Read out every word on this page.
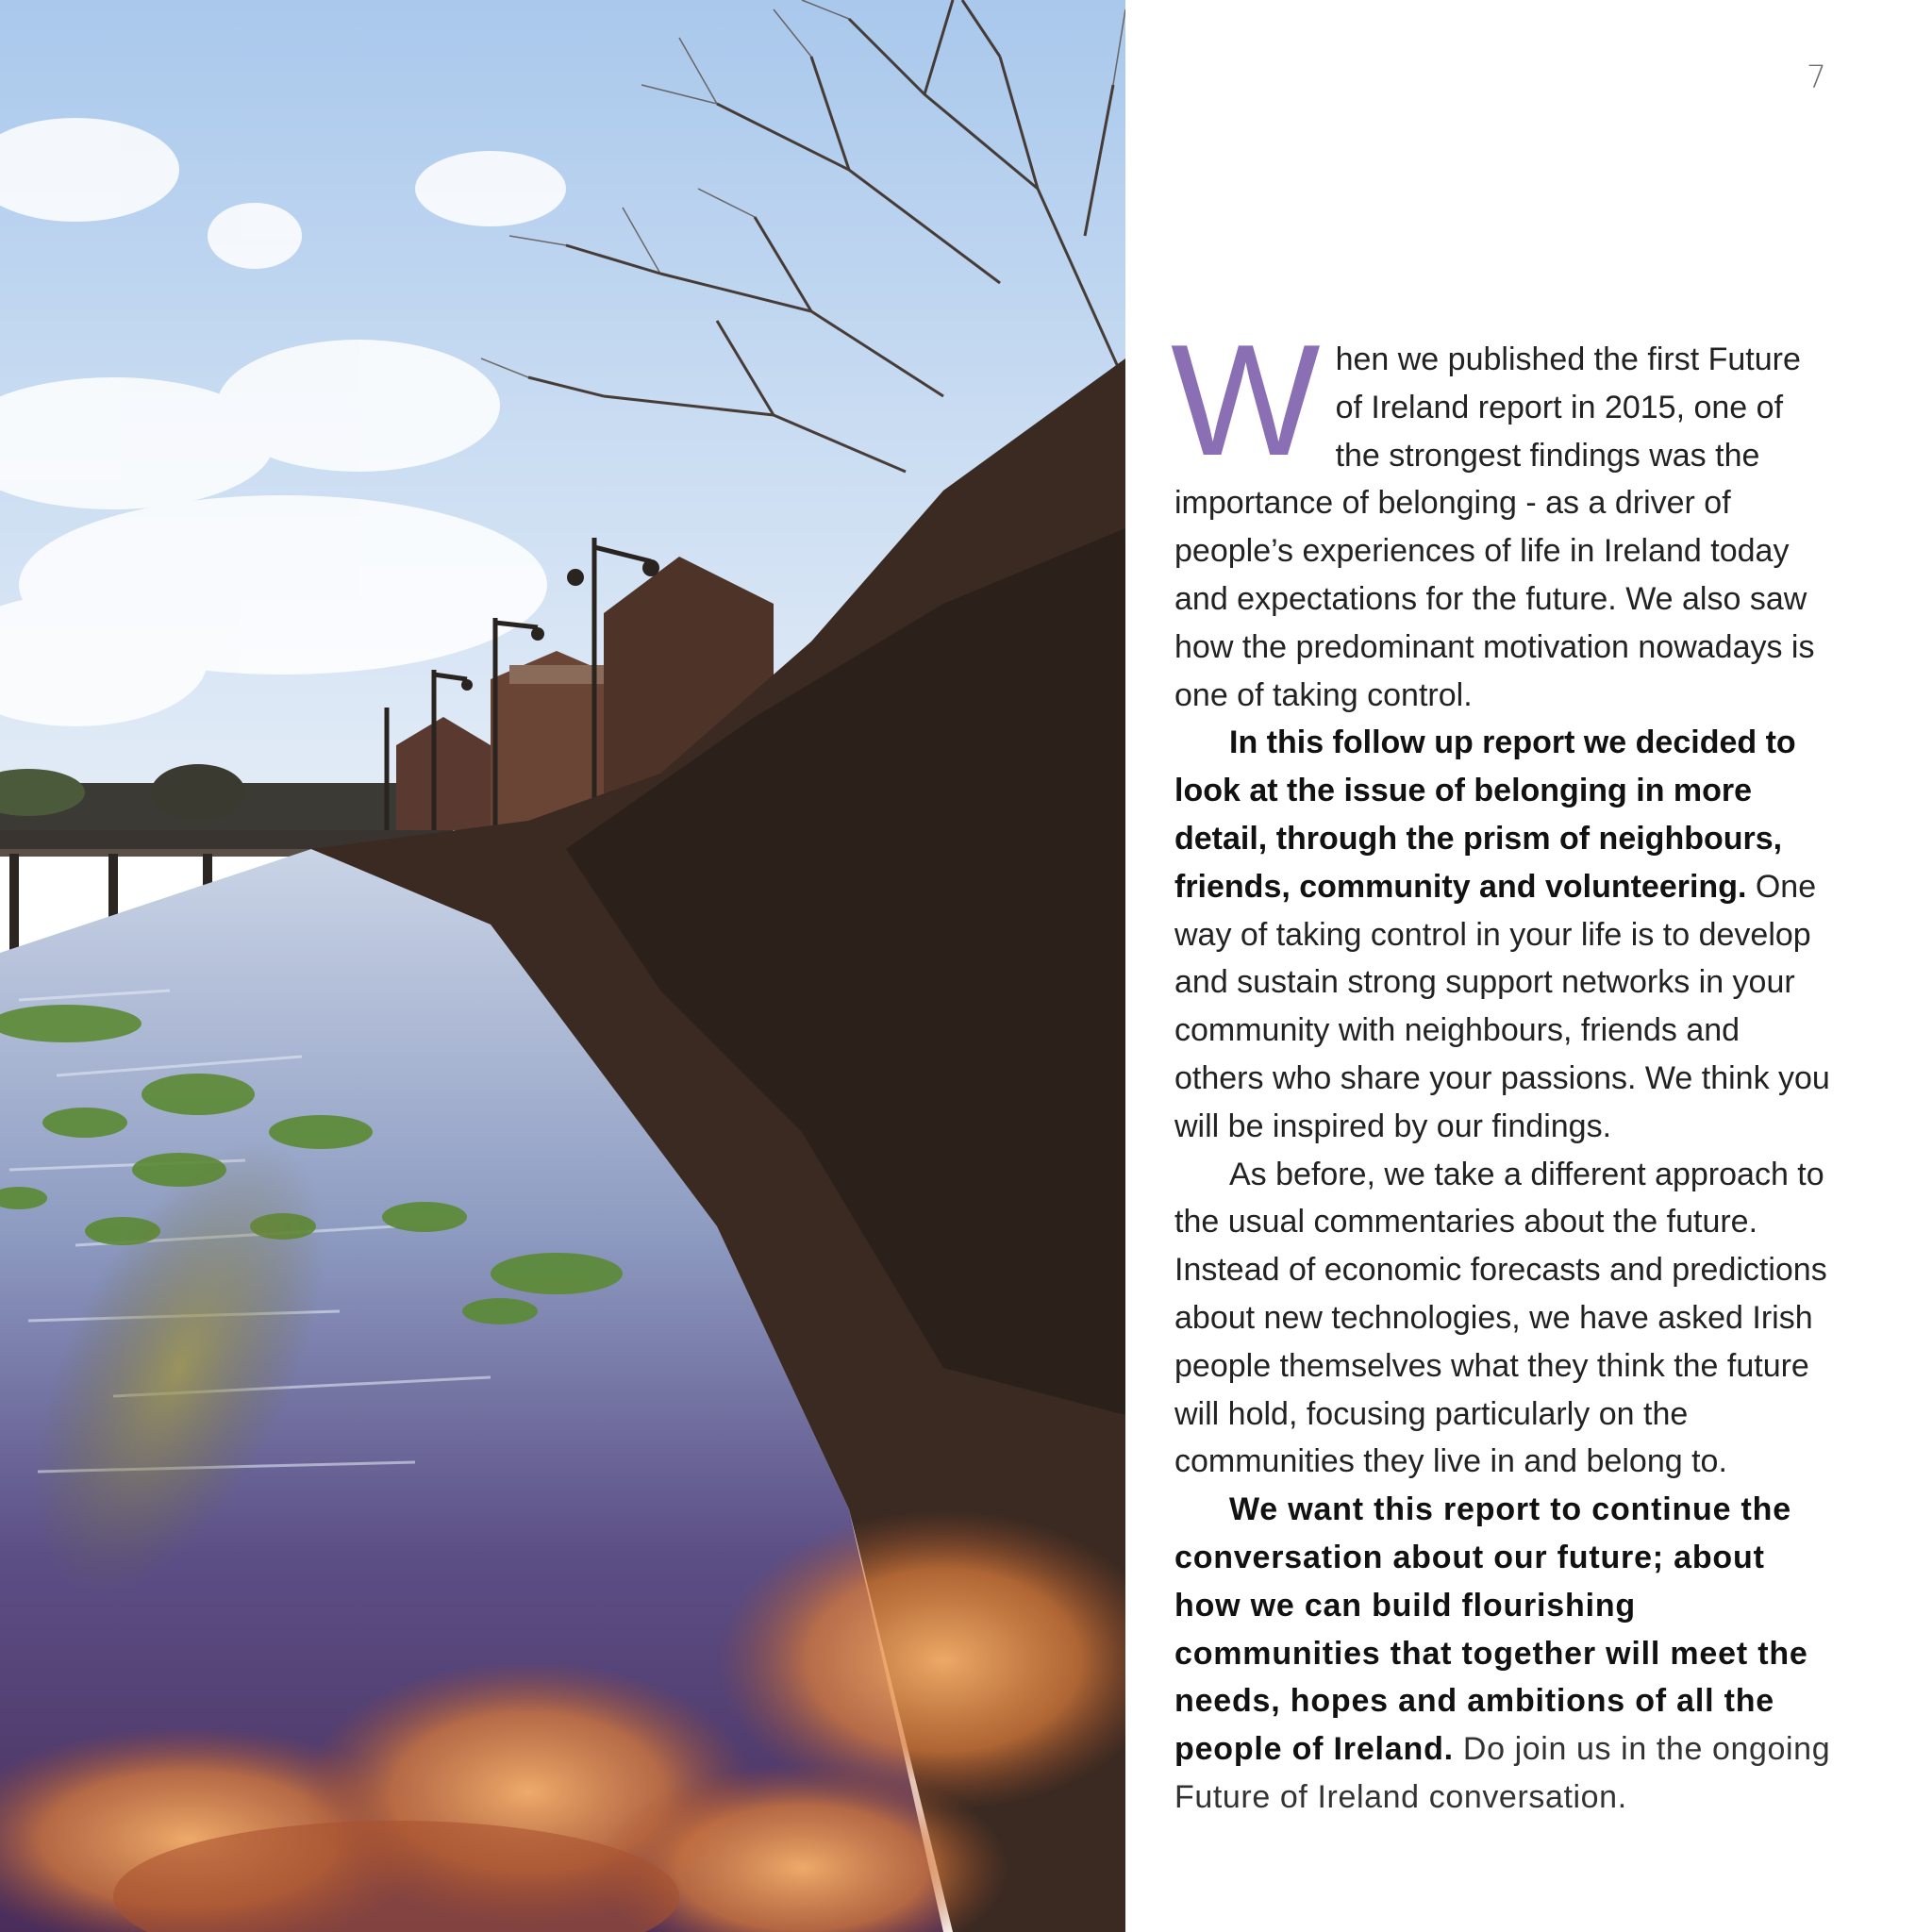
7

When we published the first Future of Ireland report in 2015, one of the strongest findings was the importance of belonging - as a driver of people’s experiences of life in Ireland today and expectations for the future. We also saw how the predominant motivation nowadays is one of taking control.

In this follow up report we decided to look at the issue of belonging in more detail, through the prism of neighbours, friends, community and volunteering. One way of taking control in your life is to develop and sustain strong support networks in your community with neighbours, friends and others who share your passions. We think you will be inspired by our findings.

As before, we take a different approach to the usual commentaries about the future. Instead of economic forecasts and predictions about new technologies, we have asked Irish people themselves what they think the future will hold, focusing particularly on the communities they live in and belong to.

We want this report to continue the conversation about our future; about how we can build flourishing communities that together will meet the needs, hopes and ambitions of all the people of Ireland. Do join us in the ongoing Future of Ireland conversation.
